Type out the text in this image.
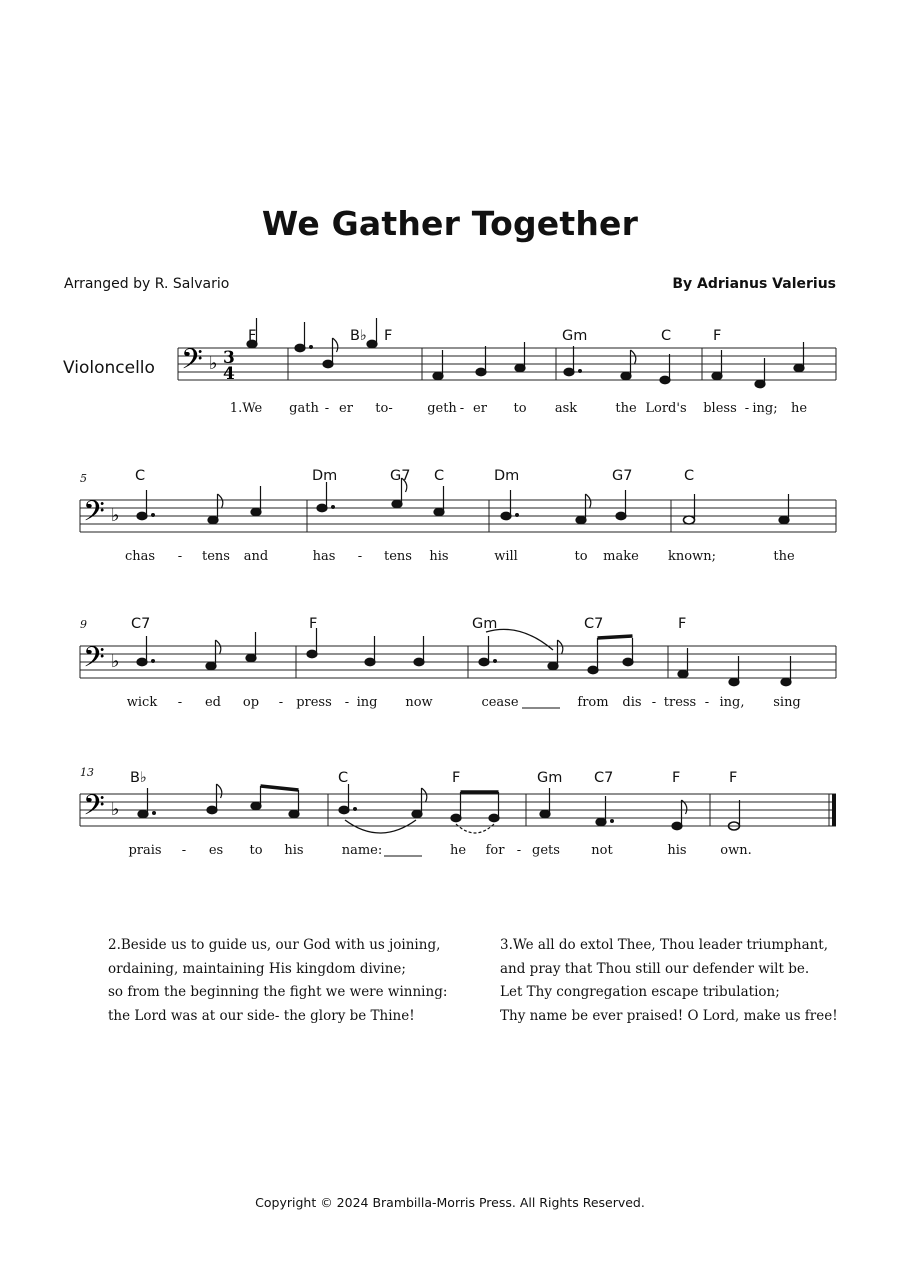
We Gather Together
Arranged by R. Salvario	By Adrianus Valerius
Violoncello 𝄢 ♭ 3
4
F	B♭ F	Gm	C	F
1.We gath - er to-	geth - er to ask	the Lord's bless - ing; he
5
𝄢 ♭
C	Dm	G7 C	Dm	G7	C
chas - tens and	has - tens his	will	to make known;	the
9
𝄢 ♭
C7	F	Gm	C7	F
wick - ed op - press - ing now	cease	from dis - tress - ing, sing
13
𝄢 ♭
B♭	C	F	Gm C7	F	F
prais - es to his	name:	he for - gets not	his	own.
2.Beside us to guide us, our God with us joining,
ordaining, maintaining His kingdom divine;
so from the beginning the fight we were winning:
the Lord was at our side- the glory be Thine!
3.We all do extol Thee, Thou leader triumphant,
and pray that Thou still our defender wilt be.
Let Thy congregation escape tribulation;
Thy name be ever praised! O Lord, make us free!
Copyright © 2024 Brambilla-Morris Press. All Rights Reserved.
